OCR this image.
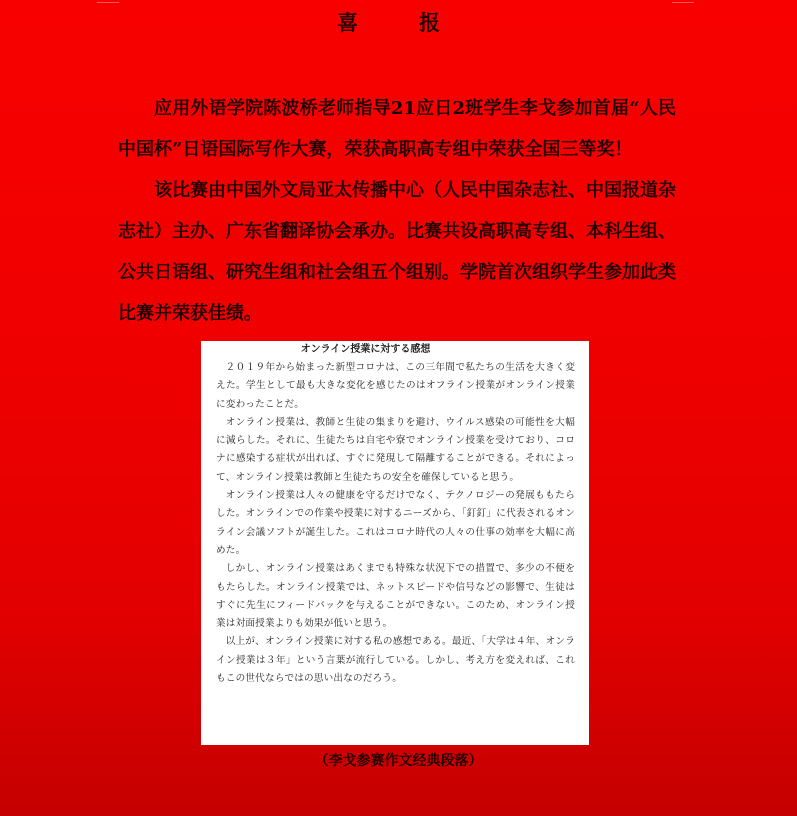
喜　报

应用外语学院陈波桥老师指导21应日2班学生李戈参加首届“人民中国杯”日语国际写作大赛，荣获高职高专组中荣获全国三等奖！

该比赛由中国外文局亚太传播中心（人民中国杂志社、中国报道杂志社）主办、广东省翻译协会承办。比赛共设高职高专组、本科生组、公共日语组、研究生组和社会组五个组别。学院首次组织学生参加此类比赛并荣获佳绩。

オンライン授業に対する感想

２０１９年から始まった新型コロナは、この三年間で私たちの生活を大きく変えた。学生として最も大きな変化を感じたのはオフライン授業がオンライン授業に変わったことだ。

オンライン授業は、教師と生徒の集まりを避け、ウイルス感染の可能性を大幅に減らした。それに、生徒たちは自宅や寮でオンライン授業を受けており、コロナに感染する症状が出れば、すぐに発現して隔離することができる。それによって、オンライン授業は教師と生徒たちの安全を確保していると思う。

オンライン授業は人々の健康を守るだけでなく、テクノロジーの発展ももたらした。オンラインでの作業や授業に対するニーズから、「釘釘」に代表されるオンライン会議ソフトが誕生した。これはコロナ時代の人々の仕事の効率を大幅に高めた。

しかし、オンライン授業はあくまでも特殊な状況下での措置で、多少の不便をもたらした。オンライン授業では、ネットスピードや信号などの影響で、生徒はすぐに先生にフィードバックを与えることができない。このため、オンライン授業は対面授業よりも効果が低いと思う。

以上が、オンライン授業に対する私の感想である。最近、「大学は４年、オンライン授業は３年」という言葉が流行している。しかし、考え方を変えれば、これもこの世代ならではの思い出なのだろう。

（李戈参赛作文经典段落）
